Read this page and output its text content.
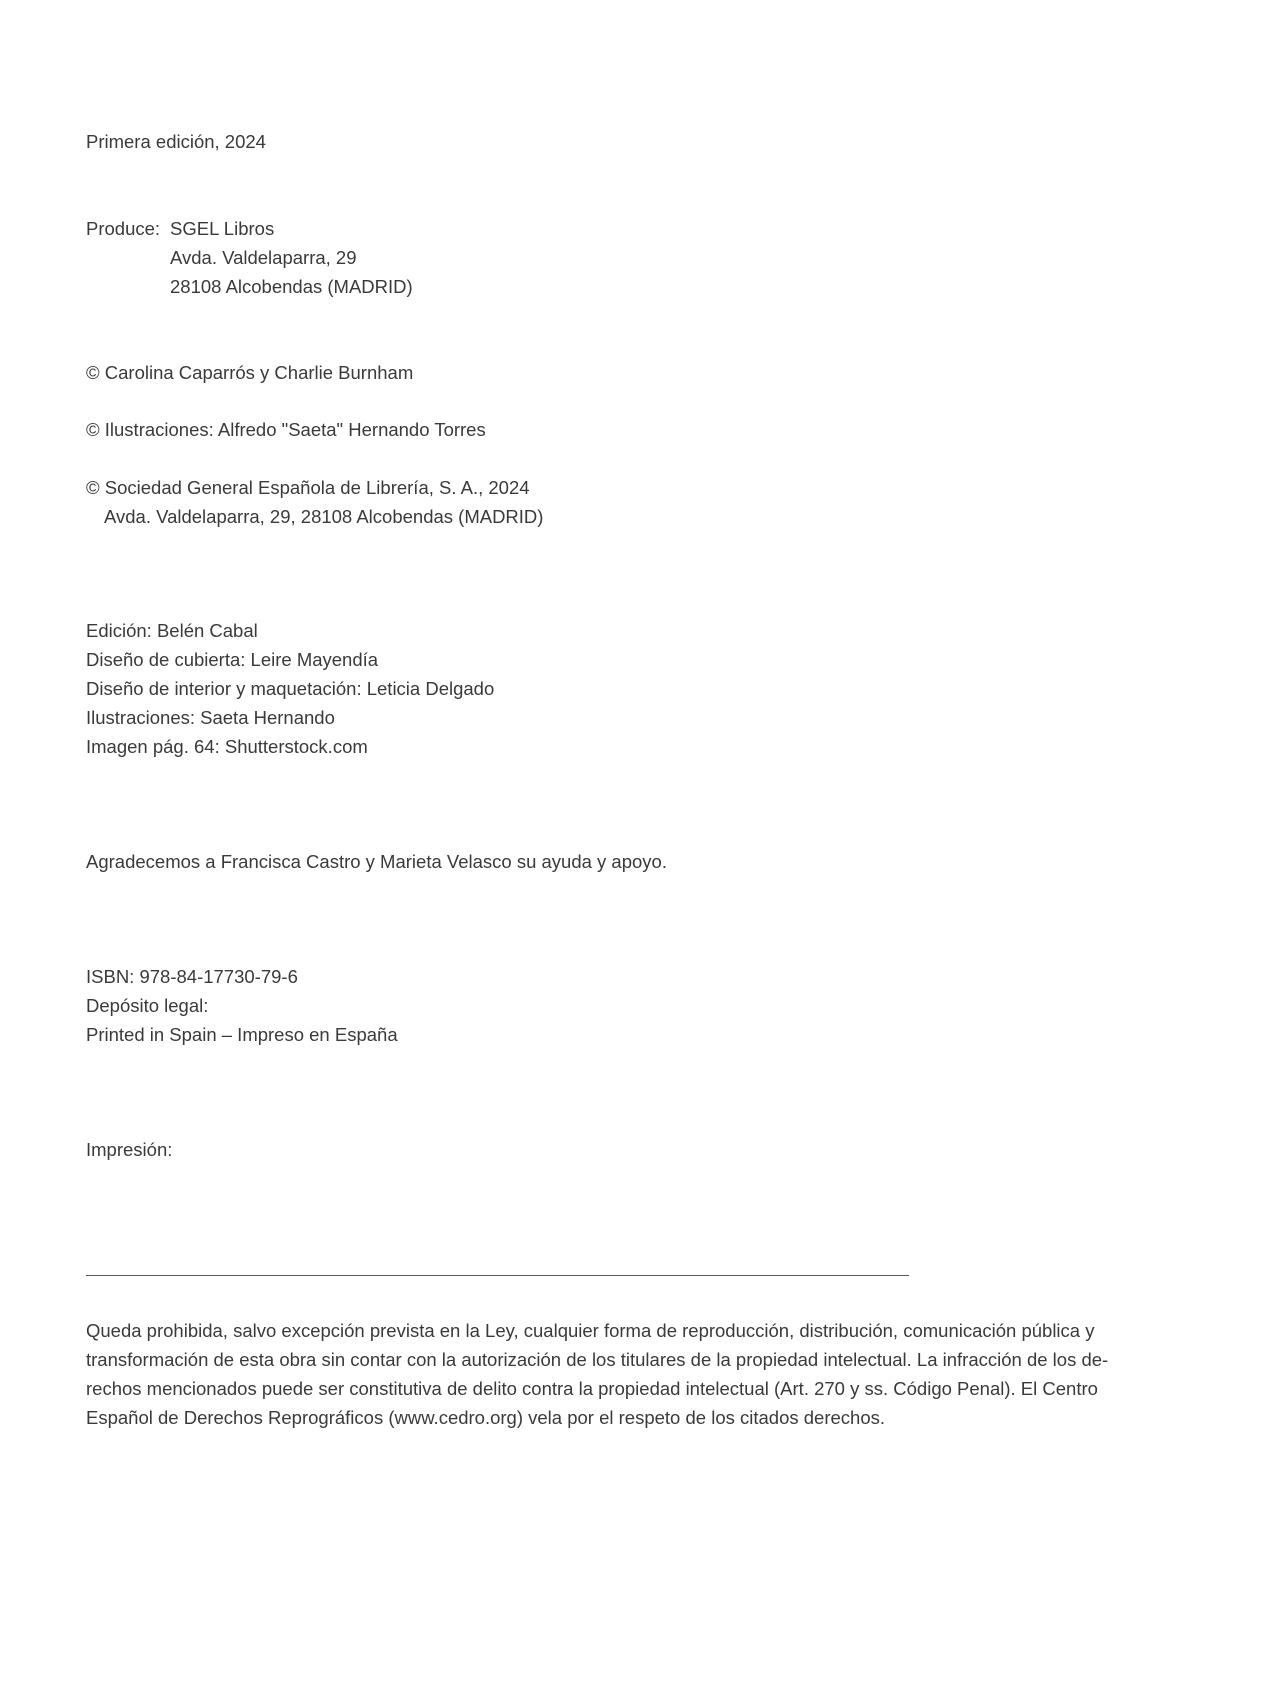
Primera edición, 2024
Produce: SGEL Libros
Avda. Valdelaparra, 29
28108 Alcobendas (MADRID)
© Carolina Caparrós y Charlie Burnham
© Ilustraciones: Alfredo "Saeta" Hernando Torres
© Sociedad General Española de Librería, S. A., 2024
Avda. Valdelaparra, 29, 28108 Alcobendas (MADRID)
Edición: Belén Cabal
Diseño de cubierta: Leire Mayendía
Diseño de interior y maquetación: Leticia Delgado
Ilustraciones: Saeta Hernando
Imagen pág. 64: Shutterstock.com
Agradecemos a Francisca Castro y Marieta Velasco su ayuda y apoyo.
ISBN: 978-84-17730-79-6
Depósito legal:
Printed in Spain – Impreso en España
Impresión:
Queda prohibida, salvo excepción prevista en la Ley, cualquier forma de reproducción, distribución, comunicación pública y
transformación de esta obra sin contar con la autorización de los titulares de la propiedad intelectual. La infracción de los de-
rechos mencionados puede ser constitutiva de delito contra la propiedad intelectual (Art. 270 y ss. Código Penal). El Centro
Español de Derechos Reprográficos (www.cedro.org) vela por el respeto de los citados derechos.
